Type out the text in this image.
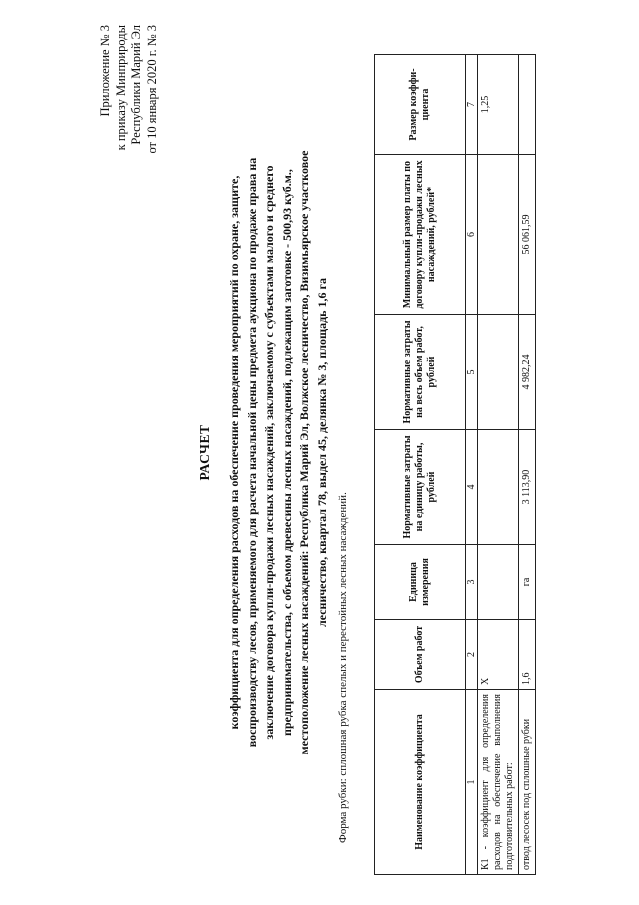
Приложение № 3 к приказу Минприроды Республики Марий Эл от 10 января 2020 г. № 3
РАСЧЕТ коэффициента для определения расходов на обеспечение проведения мероприятий по охране, защите, воспроизводству лесов, применяемого для расчета начальной цены предмета аукциона по продаже права на заключение договора купли-продажи лесных насаждений, заключаемому с субъектами малого и среднего предпринимательства, с объемом древесины лесных насаждений, подлежащим заготовке - 500,93 куб.м., местоположение лесных насаждений: Республика Марий Эл, Волжское лесничество, Визимьярское участковое лесничество, квартал 78, выдел 45, делянка № 3, площадь 1,6 га
Форма рубки: сплошная рубка спелых и перестойных лесных насаждений.	Наименование коэффициента	Объем работ	Единица измерения	Нормативные затраты на единицу работы, рублей	Нормативные затраты на весь объем работ, рублей	Минимальный размер платы по договору купли-продажи лесных насаждений, рублей*	Размер коэффи-циента
1	2	3	4	5	6	7
К1 - коэффициент для определения расходов на обеспечение выполнения подготовительных работ:	Х					1,25
отвод лесосек под сплошные рубки	1,6	га	3 113,90	4 982,24	56 061,59	
